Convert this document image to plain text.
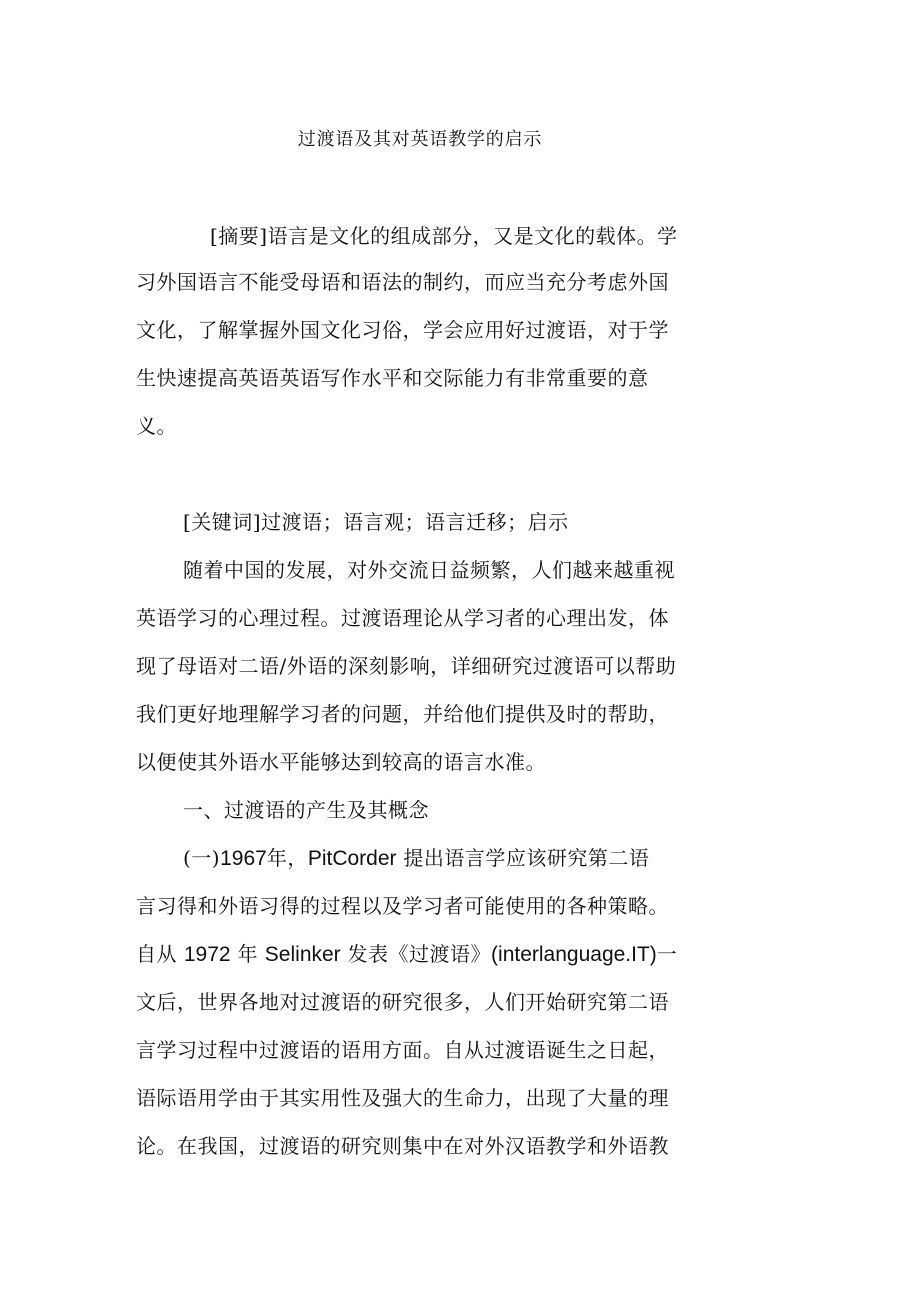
过渡语及其对英语教学的启示
[摘要]语言是文化的组成部分，又是文化的载体。学
习外国语言不能受母语和语法的制约，而应当充分考虑外国
文化，了解掌握外国文化习俗，学会应用好过渡语，对于学
生快速提高英语英语写作水平和交际能力有非常重要的意
义。
[关键词]过渡语；语言观；语言迁移；启示
随着中国的发展，对外交流日益频繁，人们越来越重视
英语学习的心理过程。过渡语理论从学习者的心理出发，体
现了母语对二语/外语的深刻影响，详细研究过渡语可以帮助
我们更好地理解学习者的问题，并给他们提供及时的帮助，
以便使其外语水平能够达到较高的语言水准。
一、过渡语的产生及其概念
(一)1967年，PitCorder 提出语言学应该研究第二语
言习得和外语习得的过程以及学习者可能使用的各种策略。
自从 1972 年 Selinker 发表《过渡语》(interlanguage.IT)一
文后，世界各地对过渡语的研究很多，人们开始研究第二语
言学习过程中过渡语的语用方面。自从过渡语诞生之日起，
语际语用学由于其实用性及强大的生命力，出现了大量的理
论。在我国，过渡语的研究则集中在对外汉语教学和外语教
